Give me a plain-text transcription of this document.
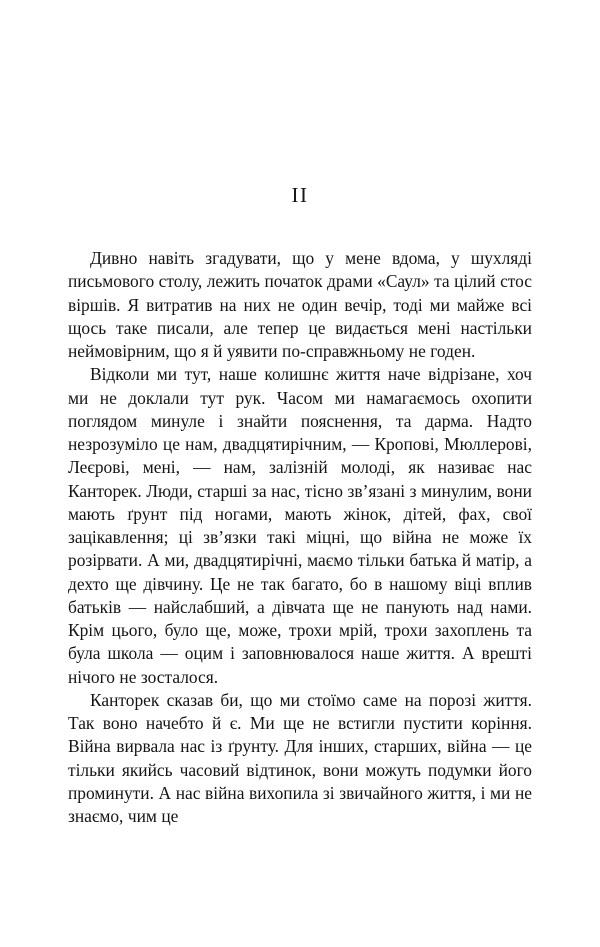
II

Дивно навіть згадувати, що у мене вдома, у шухляді письмового столу, лежить початок драми «Саул» та цілий стос віршів. Я витратив на них не один вечір, тоді ми майже всі щось таке писали, але тепер це видається мені настільки неймовірним, що я й уявити по-справжньому не годен.

Відколи ми тут, наше колишнє життя наче відрізане, хоч ми не доклали тут рук. Часом ми намагаємось охопити поглядом минуле і знайти пояснення, та дарма. Надто незрозуміло це нам, двадцятирічним, — Кропові, Мюллерові, Леєрові, мені, — нам, залізній молоді, як називає нас Канторек. Люди, старші за нас, тісно зв’язані з минулим, вони мають ґрунт під ногами, мають жінок, дітей, фах, свої зацікавлення; ці зв’язки такі міцні, що війна не може їх розірвати. А ми, двадцятирічні, маємо тільки батька й матір, а дехто ще дівчину. Це не так багато, бо в нашому віці вплив батьків — найслабший, а дівчата ще не панують над нами. Крім цього, було ще, може, трохи мрій, трохи захоплень та була школа — оцим і заповнювалося наше життя. А врешті нічого не зосталося.

Канторек сказав би, що ми стоїмо саме на порозі життя. Так воно начебто й є. Ми ще не встигли пустити коріння. Війна вирвала нас із ґрунту. Для інших, старших, війна — це тільки якийсь часовий відтинок, вони можуть подумки його проминути. А нас війна вихопила зі звичайного життя, і ми не знаємо, чим це
